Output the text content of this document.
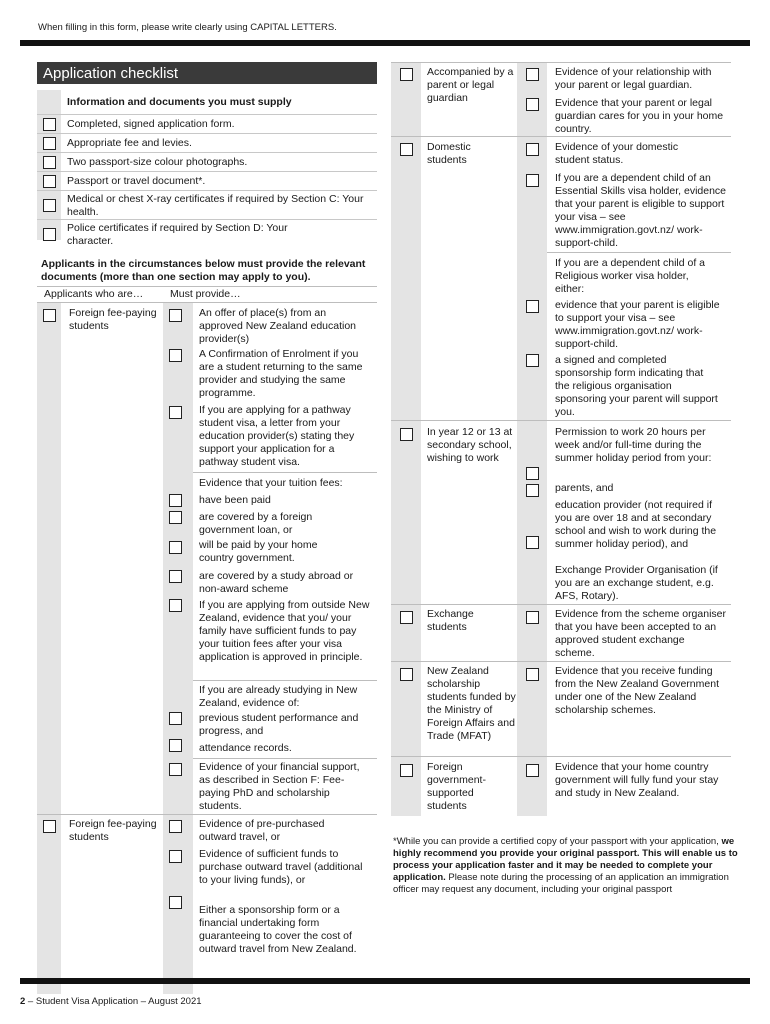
When filling in this form, please write clearly using CAPITAL LETTERS.
Application checklist
Information and documents you must supply
Completed, signed application form.
Appropriate fee and levies.
Two passport-size colour photographs.
Passport or travel document*.
Medical or chest X-ray certificates if required by Section C: Your health.
Police certificates if required by Section D: Your character.
Applicants in the circumstances below must provide the relevant documents (more than one section may apply to you).
Applicants who are…	Must provide…
Foreign fee-paying students
An offer of place(s) from an approved New Zealand education provider(s)
A Confirmation of Enrolment if you are a student returning to the same provider and studying the same programme.
If you are applying for a pathway student visa, a letter from your education provider(s) stating they support your application for a pathway student visa.
Evidence that your tuition fees:
have been paid
are covered by a foreign government loan, or
will be paid by your home country government.
are covered by a study abroad or non-award scheme
If you are applying from outside New Zealand, evidence that you/ your family have sufficient funds to pay your tuition fees after your visa application is approved in principle.
If you are already studying in New Zealand, evidence of:
previous student performance and progress, and
attendance records.
Evidence of your financial support, as described in Section F: Fee-paying PhD and scholarship students.
Foreign fee-paying students
Evidence of pre-purchased outward travel, or
Evidence of sufficient funds to purchase outward travel (additional to your living funds), or
Either a sponsorship form or a financial undertaking form guaranteeing to cover the cost of outward travel from New Zealand.
Accompanied by a parent or legal guardian
Evidence of your relationship with your parent or legal guardian.
Evidence that your parent or legal guardian cares for you in your home country.
Domestic students
Evidence of your domestic student status.
If you are a dependent child of an Essential Skills visa holder, evidence that your parent is eligible to support your visa – see www.immigration.govt.nz/ work-support-child.
If you are a dependent child of a Religious worker visa holder, either:
evidence that your parent is eligible to support your visa – see www.immigration.govt.nz/ work-support-child.
a signed and completed sponsorship form indicating that the religious organisation sponsoring your parent will support you.
In year 12 or 13 at secondary school, wishing to work
Permission to work 20 hours per week and/or full-time during the summer holiday period from your:
parents, and
education provider (not required if you are over 18 and at secondary school and wish to work during the summer holiday period), and
Exchange Provider Organisation (if you are an exchange student, e.g. AFS, Rotary).
Exchange students
Evidence from the scheme organiser that you have been accepted to an approved student exchange scheme.
New Zealand scholarship students funded by the Ministry of Foreign Affairs and Trade (MFAT)
Evidence that you receive funding from the New Zealand Government under one of the New Zealand scholarship schemes.
Foreign government-supported students
Evidence that your home country government will fully fund your stay and study in New Zealand.
*While you can provide a certified copy of your passport with your application, we highly recommend you provide your original passport. This will enable us to process your application faster and it may be needed to complete your application. Please note during the processing of an application an immigration officer may request any document, including your original passport
2 – Student Visa Application – August 2021
